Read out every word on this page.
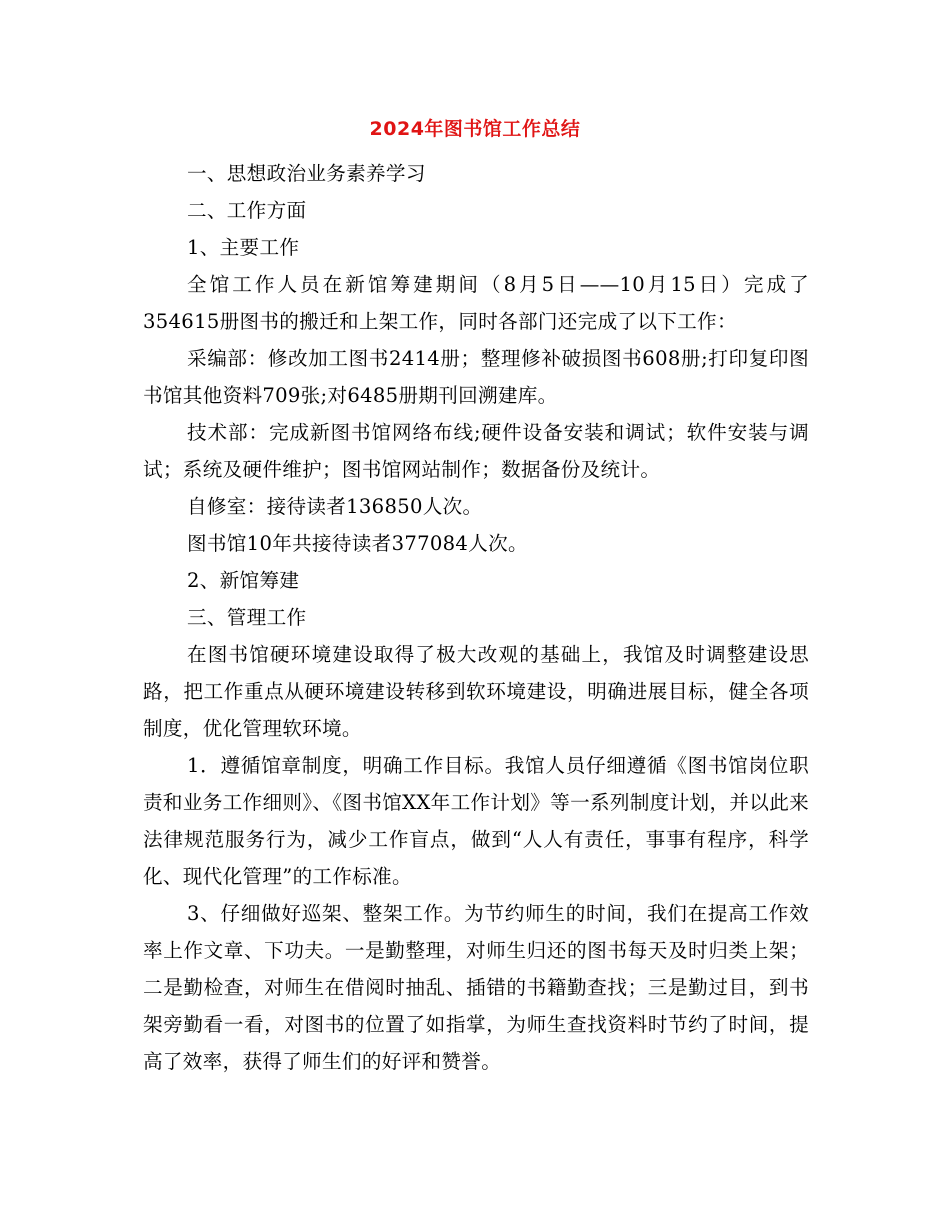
2024年图书馆工作总结

一、思想政治业务素养学习

二、工作方面

1、主要工作

全馆工作人员在新馆筹建期间（8月5日——10月15日）完成了354615册图书的搬迁和上架工作，同时各部门还完成了以下工作：

采编部：修改加工图书2414册；整理修补破损图书608册;打印复印图书馆其他资料709张;对6485册期刊回溯建库。

技术部：完成新图书馆网络布线;硬件设备安装和调试；软件安装与调试；系统及硬件维护；图书馆网站制作；数据备份及统计。

自修室：接待读者136850人次。

图书馆10年共接待读者377084人次。

2、新馆筹建

三、管理工作

在图书馆硬环境建设取得了极大改观的基础上，我馆及时调整建设思路，把工作重点从硬环境建设转移到软环境建设，明确进展目标，健全各项制度，优化管理软环境。

1．遵循馆章制度，明确工作目标。我馆人员仔细遵循《图书馆岗位职责和业务工作细则》、《图书馆XX年工作计划》等一系列制度计划，并以此来法律规范服务行为，减少工作盲点，做到“人人有责任，事事有程序，科学化、现代化管理”的工作标准。

3、仔细做好巡架、整架工作。为节约师生的时间，我们在提高工作效率上作文章、下功夫。一是勤整理，对师生归还的图书每天及时归类上架；二是勤检查，对师生在借阅时抽乱、插错的书籍勤查找；三是勤过目，到书架旁勤看一看，对图书的位置了如指掌，为师生查找资料时节约了时间，提高了效率，获得了师生们的好评和赞誉。
